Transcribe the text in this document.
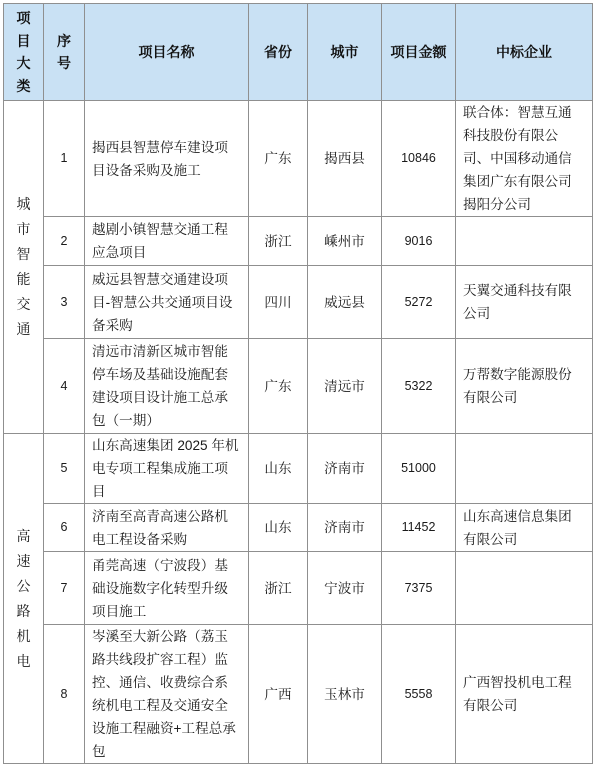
项目大类	序号	项目名称	省份	城市	项目金额	中标企业
城市智能交通	1	揭西县智慧停车建设项目设备采购及施工	广东	揭西县	10846	联合体：智慧互通科技股份有限公司、中国移动通信集团广东有限公司揭阳分公司
	2	越剧小镇智慧交通工程应急项目	浙江	嵊州市	9016	
	3	威远县智慧交通建设项目-智慧公共交通项目设备采购	四川	威远县	5272	天翼交通科技有限公司
	4	清远市清新区城市智能停车场及基础设施配套建设项目设计施工总承包（一期）	广东	清远市	5322	万帮数字能源股份有限公司
高速公路机电	5	山东高速集团 2025 年机电专项工程集成施工项目	山东	济南市	51000	
	6	济南至高青高速公路机电工程设备采购	山东	济南市	11452	山东高速信息集团有限公司
	7	甬莞高速（宁波段）基础设施数字化转型升级项目施工	浙江	宁波市	7375	
	8	岑溪至大新公路（荔玉路共线段扩容工程）监控、通信、收费综合系统机电工程及交通安全设施工程融资+工程总承包	广西	玉林市	5558	广西智投机电工程有限公司
